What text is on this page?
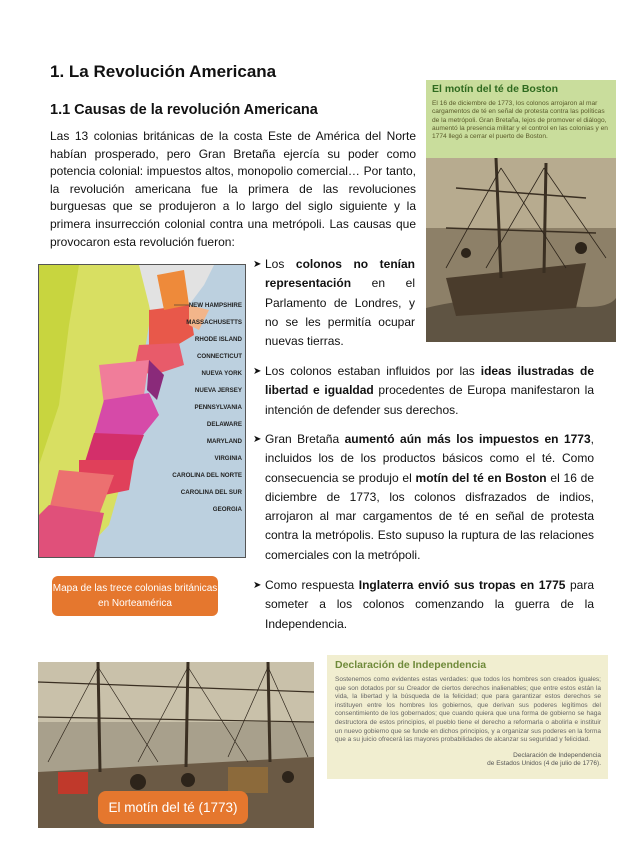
1. La Revolución Americana
1.1 Causas de la revolución Americana
Las 13 colonias británicas de la costa Este de América del Norte habían prosperado, pero Gran Bretaña ejercía su poder como potencia colonial: impuestos altos, monopolio comercial… Por tanto, la revolución americana fue la primera de las revoluciones burguesas que se produjeron a lo largo del siglo siguiente y la primera insurrección colonial contra una metrópoli. Las causas que provocaron esta revolución fueron:
➤ Los colonos no tenían representación en el Parlamento de Londres, y no se les permitía ocupar nuevas tierras.
➤ Los colonos estaban influidos por las ideas ilustradas de libertad e igualdad procedentes de Europa manifestaron la intención de defender sus derechos.
➤ Gran Bretaña aumentó aún más los impuestos en 1773, incluidos los de los productos básicos como el té. Como consecuencia se produjo el motín del té en Boston el 16 de diciembre de 1773, los colonos disfrazados de indios, arrojaron al mar cargamentos de té en señal de protesta contra la metrópolis. Esto supuso la ruptura de las relaciones comerciales con la metrópoli.
➤ Como respuesta Inglaterra envió sus tropas en 1775 para someter a los colonos comenzando la guerra de la Independencia.
El motín del té de Boston
El 16 de diciembre de 1773, los colonos arrojaron al mar cargamentos de té en señal de protesta contra las políticas de la metrópoli. Gran Bretaña, lejos de promover el diálogo, aumentó la presencia militar y el control en las colonias y en 1774 llegó a cerrar el puerto de Boston.
NEW HAMPSHIRE
MASSACHUSETTS
RHODE ISLAND
CONNECTICUT
NUEVA YORK
NUEVA JERSEY
PENNSYLVANIA
DELAWARE
MARYLAND
VIRGINIA
CAROLINA DEL NORTE
CAROLINA DEL SUR
GEORGIA
Mapa de las trece colonias británicas en Norteamérica
Declaración de Independencia
Sostenemos como evidentes estas verdades: que todos los hombres son creados iguales; que son dotados por su Creador de ciertos derechos inalienables; que entre estos están la vida, la libertad y la búsqueda de la felicidad; que para garantizar estos derechos se instituyen entre los hombres los gobiernos, que derivan sus poderes legítimos del consentimiento de los gobernados; que cuando quiera que una forma de gobierno se haga destructora de estos principios, el pueblo tiene el derecho a reformarla o abolirla e instituir un nuevo gobierno que se funde en dichos principios, y a organizar sus poderes en la forma que a su juicio ofrecerá las mayores probabilidades de alcanzar su seguridad y felicidad.
Declaración de Independencia
de Estados Unidos (4 de julio de 1776).
El motín del té (1773)
